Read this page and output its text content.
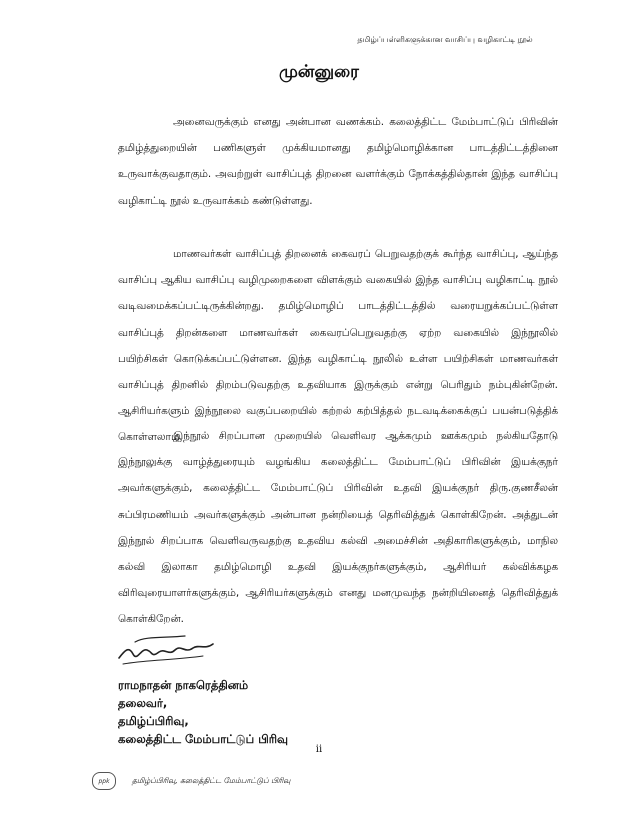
தமிழ்ப்பள்ளிகளுக்கான வாசிப்பு வழிகாட்டி நூல்
முன்னுரை

அனைவருக்கும் எனது அன்பான வணக்கம். கலைத்திட்ட மேம்பாட்டுப் பிரிவின் தமிழ்த்துறையின் பணிகளுள் முக்கியமானது தமிழ்மொழிக்கான பாடத்திட்டத்தினை உருவாக்குவதாகும். அவற்றுள் வாசிப்புத் திறனை வளர்க்கும் நோக்கத்தில்தான் இந்த வாசிப்பு வழிகாட்டி நூல் உருவாக்கம் கண்டுள்ளது.

மாணவர்கள் வாசிப்புத் திறனைக் கைவரப் பெறுவதற்குக் கூர்ந்த வாசிப்பு, ஆய்ந்த வாசிப்பு ஆகிய வாசிப்பு வழிமுறைகளை விளக்கும் வகையில் இந்த வாசிப்பு வழிகாட்டி நூல் வடிவமைக்கப்பட்டிருக்கின்றது. தமிழ்மொழிப் பாடத்திட்டத்தில் வரையறுக்கப்பட்டுள்ள வாசிப்புத் திறன்களை மாணவர்கள் கைவரப்பெறுவதற்கு ஏற்ற வகையில் இந்நூலில் பயிற்சிகள் கொடுக்கப்பட்டுள்ளன. இந்த வழிகாட்டி நூலில் உள்ள பயிற்சிகள் மாணவர்கள் வாசிப்புத் திறனில் திறம்படுவதற்கு உதவியாக இருக்கும் என்று பெரிதும் நம்புகின்றேன். ஆசிரியர்களும் இந்நூலை வகுப்பறையில் கற்றல் கற்பித்தல் நடவடிக்கைக்குப் பயன்படுத்திக் கொள்ளலாம்.

இந்நூல் சிறப்பான முறையில் வெளிவர ஆக்கமும் ஊக்கமும் நல்கியதோடு இந்நூலுக்கு வாழ்த்துரையும் வழங்கிய கலைத்திட்ட மேம்பாட்டுப் பிரிவின் இயக்குநர் அவர்களுக்கும், கலைத்திட்ட மேம்பாட்டுப் பிரிவின் உதவி இயக்குநர் திரு.குணசீலன் சுப்பிரமணியம் அவர்களுக்கும் அன்பான நன்றியைத் தெரிவித்துக் கொள்கிறேன். அத்துடன் இந்நூல் சிறப்பாக வெளிவருவதற்கு உதவிய கல்வி அமைச்சின் அதிகாரிகளுக்கும், மாநில கல்வி இலாகா தமிழ்மொழி உதவி இயக்குநர்களுக்கும், ஆசிரியர் கல்விக்கழக விரிவுரையாளர்களுக்கும், ஆசிரியர்களுக்கும் எனது மனமுவந்த நன்றியினைத் தெரிவித்துக் கொள்கிறேன்.

ராமநாதன் நாகரெத்தினம்
தலைவர்,
தமிழ்ப்பிரிவு,
கலைத்திட்ட மேம்பாட்டுப் பிரிவு
ii
ppk	தமிழ்ப்பிரிவு, கலைத்திட்ட மேம்பாட்டுப் பிரிவு
